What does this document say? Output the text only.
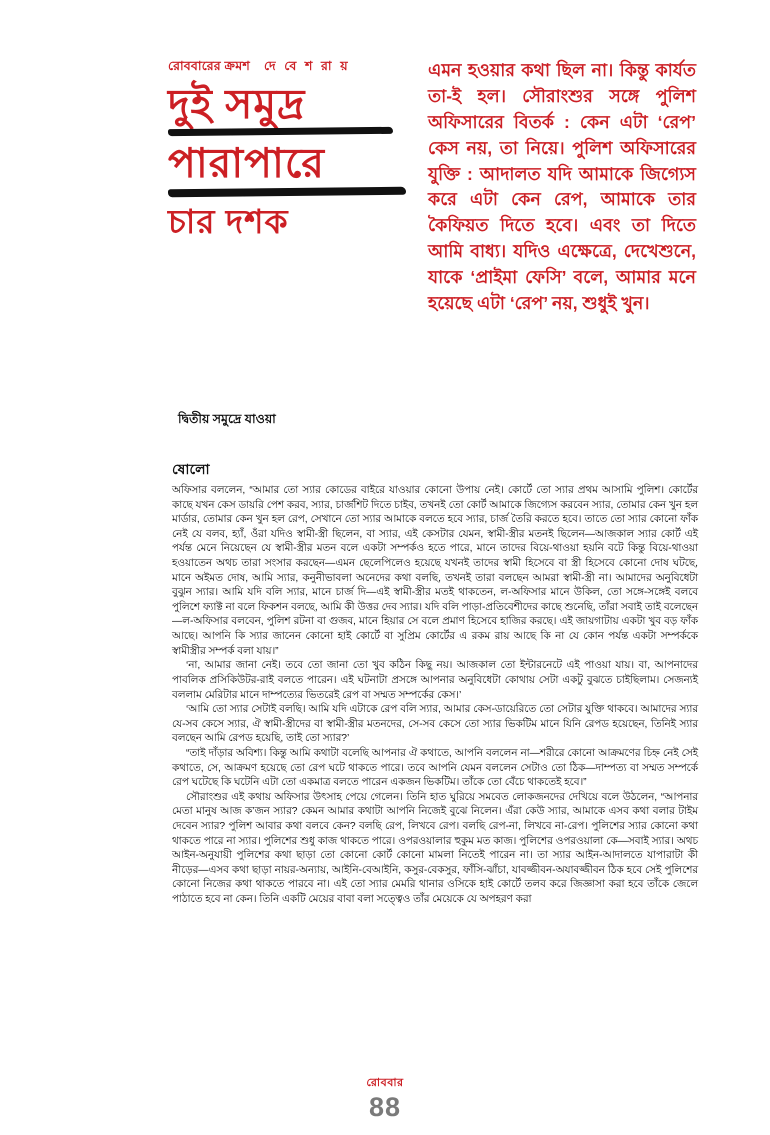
রোববারের ক্রমশ দে বে শ রা য়
দুই সমুদ্র
পারাপারে
চার দশক
দ্বিতীয় সমুদ্রে যাওয়া
এমন হওয়ার কথা ছিল না। কিন্তু কার্যত তা-ই হল। সৌরাংশুর সঙ্গে পুলিশ অফিসারের বিতর্ক : কেন এটা ‘রেপ’ কেস নয়, তা নিয়ে। পুলিশ অফিসারের যুক্তি : আদালত যদি আমাকে জিগ্যেস করে এটা কেন রেপ, আমাকে তার কৈফিয়ত দিতে হবে। এবং তা দিতে আমি বাধ্য। যদিও এক্ষেত্রে, দেখেশুনে, যাকে ‘প্রাইমা ফেসি’ বলে, আমার মনে হয়েছে এটা ‘রেপ’ নয়, শুধুই খুন।
ষোলো

অফিসার বললেন, “আমার তো স্যার কোডের বাইরে যাওয়ার কোনো উপায় নেই। কোর্টে তো স্যার প্রথম আসামি পুলিশ। কোর্টের কাছে যখন কেস ডায়রি পেশ করব, স্যার, চার্জশিট দিতে চাইব, তখনই তো কোর্ট আমাকে জিগ্যেস করবেন স্যার, তোমার কেন খুন হল মার্ডার, তোমার কেন খুন হল রেপ, সেখানে তো স্যার আমাকে বলতে হবে স্যার, চার্জ তৈরি করতে হবে। তাতে তো স্যার কোনো ফাঁক নেই যে বলব, হ্যাঁ, ওঁরা যদিও স্বামী-স্ত্রী ছিলেন, বা স্যার, এই কেসটার যেমন, স্বামী-স্ত্রীর মতনই ছিলেন—আজকাল স্যার কোর্ট এই পর্যন্ত মেনে নিয়েছেন যে স্বামী-স্ত্রীর মতন বলে একটা সম্পর্কও হতে পারে, মানে তাদের বিয়ে-থাওয়া হয়নি বটে কিন্তু বিয়ে-থাওয়া হওয়াতেন অথচ তারা সংসার করছেন—এমন ছেলেপিলেও হয়েছে যখনই তাদের স্বামী হিসেবে বা স্ত্রী হিসেবে কোনো দোষ ঘটছে, মানে অইমত দোষ, আমি স্যার, কনুনীভাবলা অনেদের কথা বলছি, তখনই তারা বলছেন আমরা স্বামী-স্ত্রী না। আমাদের অনুবিধেটা বুঝুন স্যার। আমি যদি বলি স্যার, মানে চার্জ দি—এই স্বামী-স্ত্রীর মতই থাকতেন, ল-অফিসার মানে উকিল, তো সঙ্গে-সঙ্গেই বলবে পুলিশে ফ্যাক্ট না বলে ফিকশন বলছে, আমি কী উত্তর দেব স্যার। যদি বলি পাড়া-প্রতিবেশীদের কাছে শুনেছি, তাঁরা সবাই তাই বলেছেন—ল-অফিসার বলবেন, পুলিশ রটনা বা গুজব, মানে হিয়ার সে বলে প্রমাণ হিসেবে হাজির করছে। এই জায়গাটায় একটা খুব বড় ফাঁক আছে। আপনি কি স্যার জানেন কোনো হাই কোর্টে বা সুপ্রিম কোর্টের এ রকম রায় আছে কি না যে কোন পর্যন্ত একটা সম্পর্ককে স্বামীস্ত্রীর সম্পর্ক বলা যায়।”

‘না, আমার জানা নেই। তবে তো জানা তো খুব কঠিন কিছু নয়। আজকাল তো ইন্টারনেটে এই পাওয়া যায়। বা, আপনাদের পাবলিক প্রসিকিউটর-রাই বলতে পারেন। এই ঘটনাটা প্রসঙ্গে আপনার অনুবিধেটা কোথায় সেটা একটু বুঝতে চাইছিলাম। সেজন্যই বললাম মেরিটার মানে দাম্পত্যের ভিতরেই রেপ বা সম্মত সম্পর্কের কেস।’

‘আমি তো স্যার সেটাই বলছি। আমি যদি এটাকে রেপ বলি স্যার, আমার কেস-ডায়েরিতে তো সেটার যুক্তি থাকবে। আমাদের স্যার যে-সব কেসে স্যার, ঐ স্বামী-স্ত্রীদের বা স্বামী-স্ত্রীর মতনদের, সে-সব কেসে তো স্যার ভিকটিম মানে যিনি রেপড হয়েছেন, তিনিই স্যার বলছেন আমি রেপড হয়েছি, তাই তো স্যার?’

“তাই দাঁড়ার অবিশ্য। কিন্তু আমি কথাটা বলেছি আপনার ঐ কথাতে, আপনি বললেন না—শরীরে কোনো আক্রমণের চিহ্ন নেই সেই কথাতে, সে, আক্রমণ হয়েছে তো রেপ ঘটে থাকতে পারে। তবে আপনি যেমন বললেন সেটাও তো ঠিক—দাম্পত্য বা সম্মত সম্পর্কে রেপ ঘটেছে কি ঘটেনি এটা তো একমাত্র বলতে পারেন একজন ভিকটিম। তাঁকে তো বেঁচে থাকতেই হবে।”

সৌরাংশুর এই কথায় অফিসার উৎসাহ পেয়ে গেলেন। তিনি হাত ঘুরিয়ে সমবেত লোকজনদের দেখিয়ে বলে উঠলেন, “আপনার মেতা মানুষ আজ ক’জন স্যার? কেমন আমার কথাটা আপনি নিজেই বুঝে নিলেন। এঁরা কেউ স্যার, আমাকে এসব কথা বলার টাইম দেবেন স্যার? পুলিশ আবার কথা বলবে কেন? বলছি রেপ, লিখবে রেপ। বলছি রেপ-না, লিখবে না-রেপ। পুলিশের স্যার কোনো কথা থাকতে পারে না স্যার। পুলিশের শুধু কাজ থাকতে পারে। ওপরওয়ালার হুকুম মত কাজ। পুলিশের ওপরওয়ালা কে—সবাই স্যার। অথচ আইন-অনুযায়ী পুলিশের কথা ছাড়া তো কোনো কোর্ট কোনো মামলা নিতেই পারেন না। তা স্যার আইন-আদালতে যাপারাটা কী নীড়ের—এসব কথা ছাড়া নায়র-অন্যায়, আইনি-বেআইনি, কসুর-বেকসুর, ফাঁসি-ঝাঁচা, যাবজ্জীবন-অযাবজ্জীবন ঠিক হবে সেই পুলিশের কোনো নিজের কথা থাকতে পারবে না। এই তো স্যার মেমরি থানার ওসিকে হাই কোর্টে তলব করে জিজ্ঞাসা করা হবে তাঁকে জেলে পাঠাতে হবে না কেন। তিনি একটি মেয়ের বাবা বলা সত্ত্বেও তাঁর মেয়েকে যে অপহরণ করা

রোববার
88
